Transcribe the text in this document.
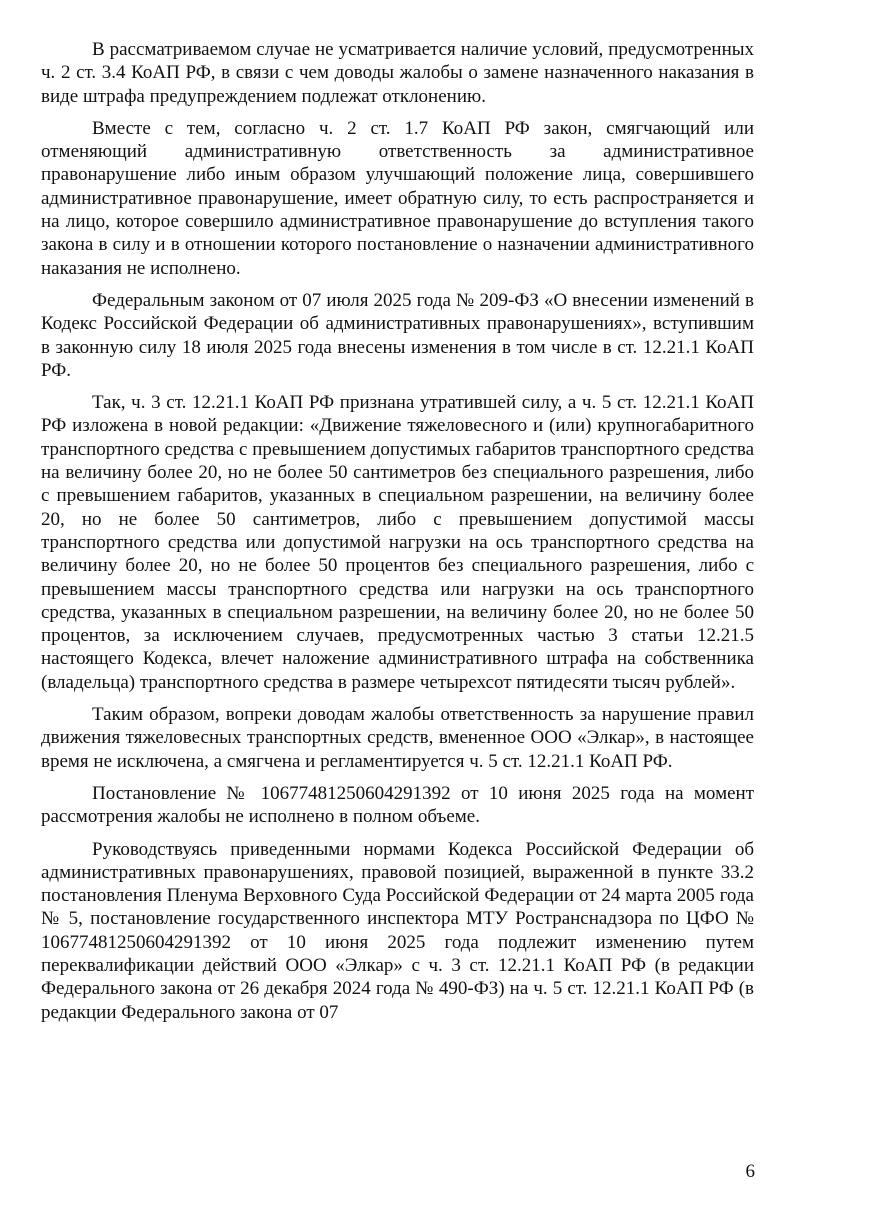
В рассматриваемом случае не усматривается наличие условий, предусмотренных ч. 2 ст. 3.4 КоАП РФ, в связи с чем доводы жалобы о замене назначенного наказания в виде штрафа предупреждением подлежат отклонению.

Вместе с тем, согласно ч. 2 ст. 1.7 КоАП РФ закон, смягчающий или отменяющий административную ответственность за административное правонарушение либо иным образом улучшающий положение лица, совершившего административное правонарушение, имеет обратную силу, то есть распространяется и на лицо, которое совершило административное правонарушение до вступления такого закона в силу и в отношении которого постановление о назначении административного наказания не исполнено.

Федеральным законом от 07 июля 2025 года № 209-ФЗ «О внесении изменений в Кодекс Российской Федерации об административных правонарушениях», вступившим в законную силу 18 июля 2025 года внесены изменения в том числе в ст. 12.21.1 КоАП РФ.

Так, ч. 3 ст. 12.21.1 КоАП РФ признана утратившей силу, а ч. 5 ст. 12.21.1 КоАП РФ изложена в новой редакции: «Движение тяжеловесного и (или) крупногабаритного транспортного средства с превышением допустимых габаритов транспортного средства на величину более 20, но не более 50 сантиметров без специального разрешения, либо с превышением габаритов, указанных в специальном разрешении, на величину более 20, но не более 50 сантиметров, либо с превышением допустимой массы транспортного средства или допустимой нагрузки на ось транспортного средства на величину более 20, но не более 50 процентов без специального разрешения, либо с превышением массы транспортного средства или нагрузки на ось транспортного средства, указанных в специальном разрешении, на величину более 20, но не более 50 процентов, за исключением случаев, предусмотренных частью 3 статьи 12.21.5 настоящего Кодекса, влечет наложение административного штрафа на собственника (владельца) транспортного средства в размере четырехсот пятидесяти тысяч рублей».

Таким образом, вопреки доводам жалобы ответственность за нарушение правил движения тяжеловесных транспортных средств, вмененное ООО «Элкар», в настоящее время не исключена, а смягчена и регламентируется ч. 5 ст. 12.21.1 КоАП РФ.

Постановление № 10677481250604291392 от 10 июня 2025 года на момент рассмотрения жалобы не исполнено в полном объеме.

Руководствуясь приведенными нормами Кодекса Российской Федерации об административных правонарушениях, правовой позицией, выраженной в пункте 33.2 постановления Пленума Верховного Суда Российской Федерации от 24 марта 2005 года № 5, постановление государственного инспектора МТУ Ространснадзора по ЦФО № 10677481250604291392 от 10 июня 2025 года подлежит изменению путем переквалификации действий ООО «Элкар» с ч. 3 ст. 12.21.1 КоАП РФ (в редакции Федерального закона от 26 декабря 2024 года № 490-ФЗ) на ч. 5 ст. 12.21.1 КоАП РФ (в редакции Федерального закона от 07

6
